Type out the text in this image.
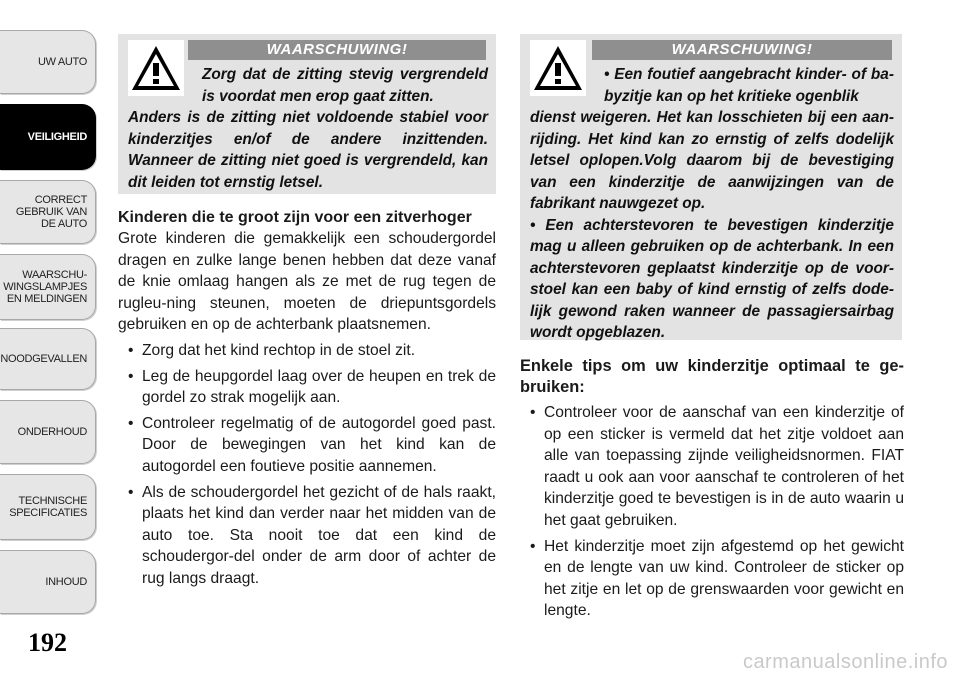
UW AUTO
VEILIGHEID
CORRECT
GEBRUIK VAN
DE AUTO
WAARSCHU-
WINGSLAMPJES
EN MELDINGEN
NOODGEVALLEN
ONDERHOUD
TECHNISCHE
SPECIFICATIES
INHOUD
192
WAARSCHUWING!

Zorg dat de zitting stevig vergrendeld is voordat men erop gaat zitten.

Anders is de zitting niet voldoende stabiel voor kinderzitjes en/of de andere inzittenden. Wanneer de zitting niet goed is vergrendeld, kan dit leiden tot ernstig letsel.

Kinderen die te groot zijn voor een zitverhoger

Grote kinderen die gemakkelijk een schoudergordel dragen en zulke lange benen hebben dat deze vanaf de knie omlaag hangen als ze met de rug tegen de rugleu-ning steunen, moeten de driepuntsgordels gebruiken en op de achterbank plaatsnemen.

• Zorg dat het kind rechtop in de stoel zit.
• Leg de heupgordel laag over de heupen en trek de gordel zo strak mogelijk aan.
• Controleer regelmatig of de autogordel goed past. Door de bewegingen van het kind kan de autogordel een foutieve positie aannemen.
• Als de schoudergordel het gezicht of de hals raakt, plaats het kind dan verder naar het midden van de auto toe. Sta nooit toe dat een kind de schoudergor-del onder de arm door of achter de rug langs draagt.
WAARSCHUWING!

• Een foutief aangebracht kinder- of ba-byzitje kan op het kritieke ogenblik

dienst weigeren. Het kan losschieten bij een aan-rijding. Het kind kan zo ernstig of zelfs dodelijk letsel oplopen.Volg daarom bij de bevestiging van een kinderzitje de aanwijzingen van de fabrikant nauwgezet op.

• Een achterstevoren te bevestigen kinderzitje mag u alleen gebruiken op de achterbank. In een achterstevoren geplaatst kinderzitje op de voor-stoel kan een baby of kind ernstig of zelfs dode-lijk gewond raken wanneer de passagiersairbag wordt opgeblazen.

Enkele tips om uw kinderzitje optimaal te ge-bruiken:
• Controleer voor de aanschaf van een kinderzitje of op een sticker is vermeld dat het zitje voldoet aan alle van toepassing zijnde veiligheidsnormen. FIAT raadt u ook aan voor aanschaf te controleren of het kinderzitje goed te bevestigen is in de auto waarin u het gaat gebruiken.
• Het kinderzitje moet zijn afgestemd op het gewicht en de lengte van uw kind. Controleer de sticker op het zitje en let op de grenswaarden voor gewicht en lengte.
carmanualsonline.info
